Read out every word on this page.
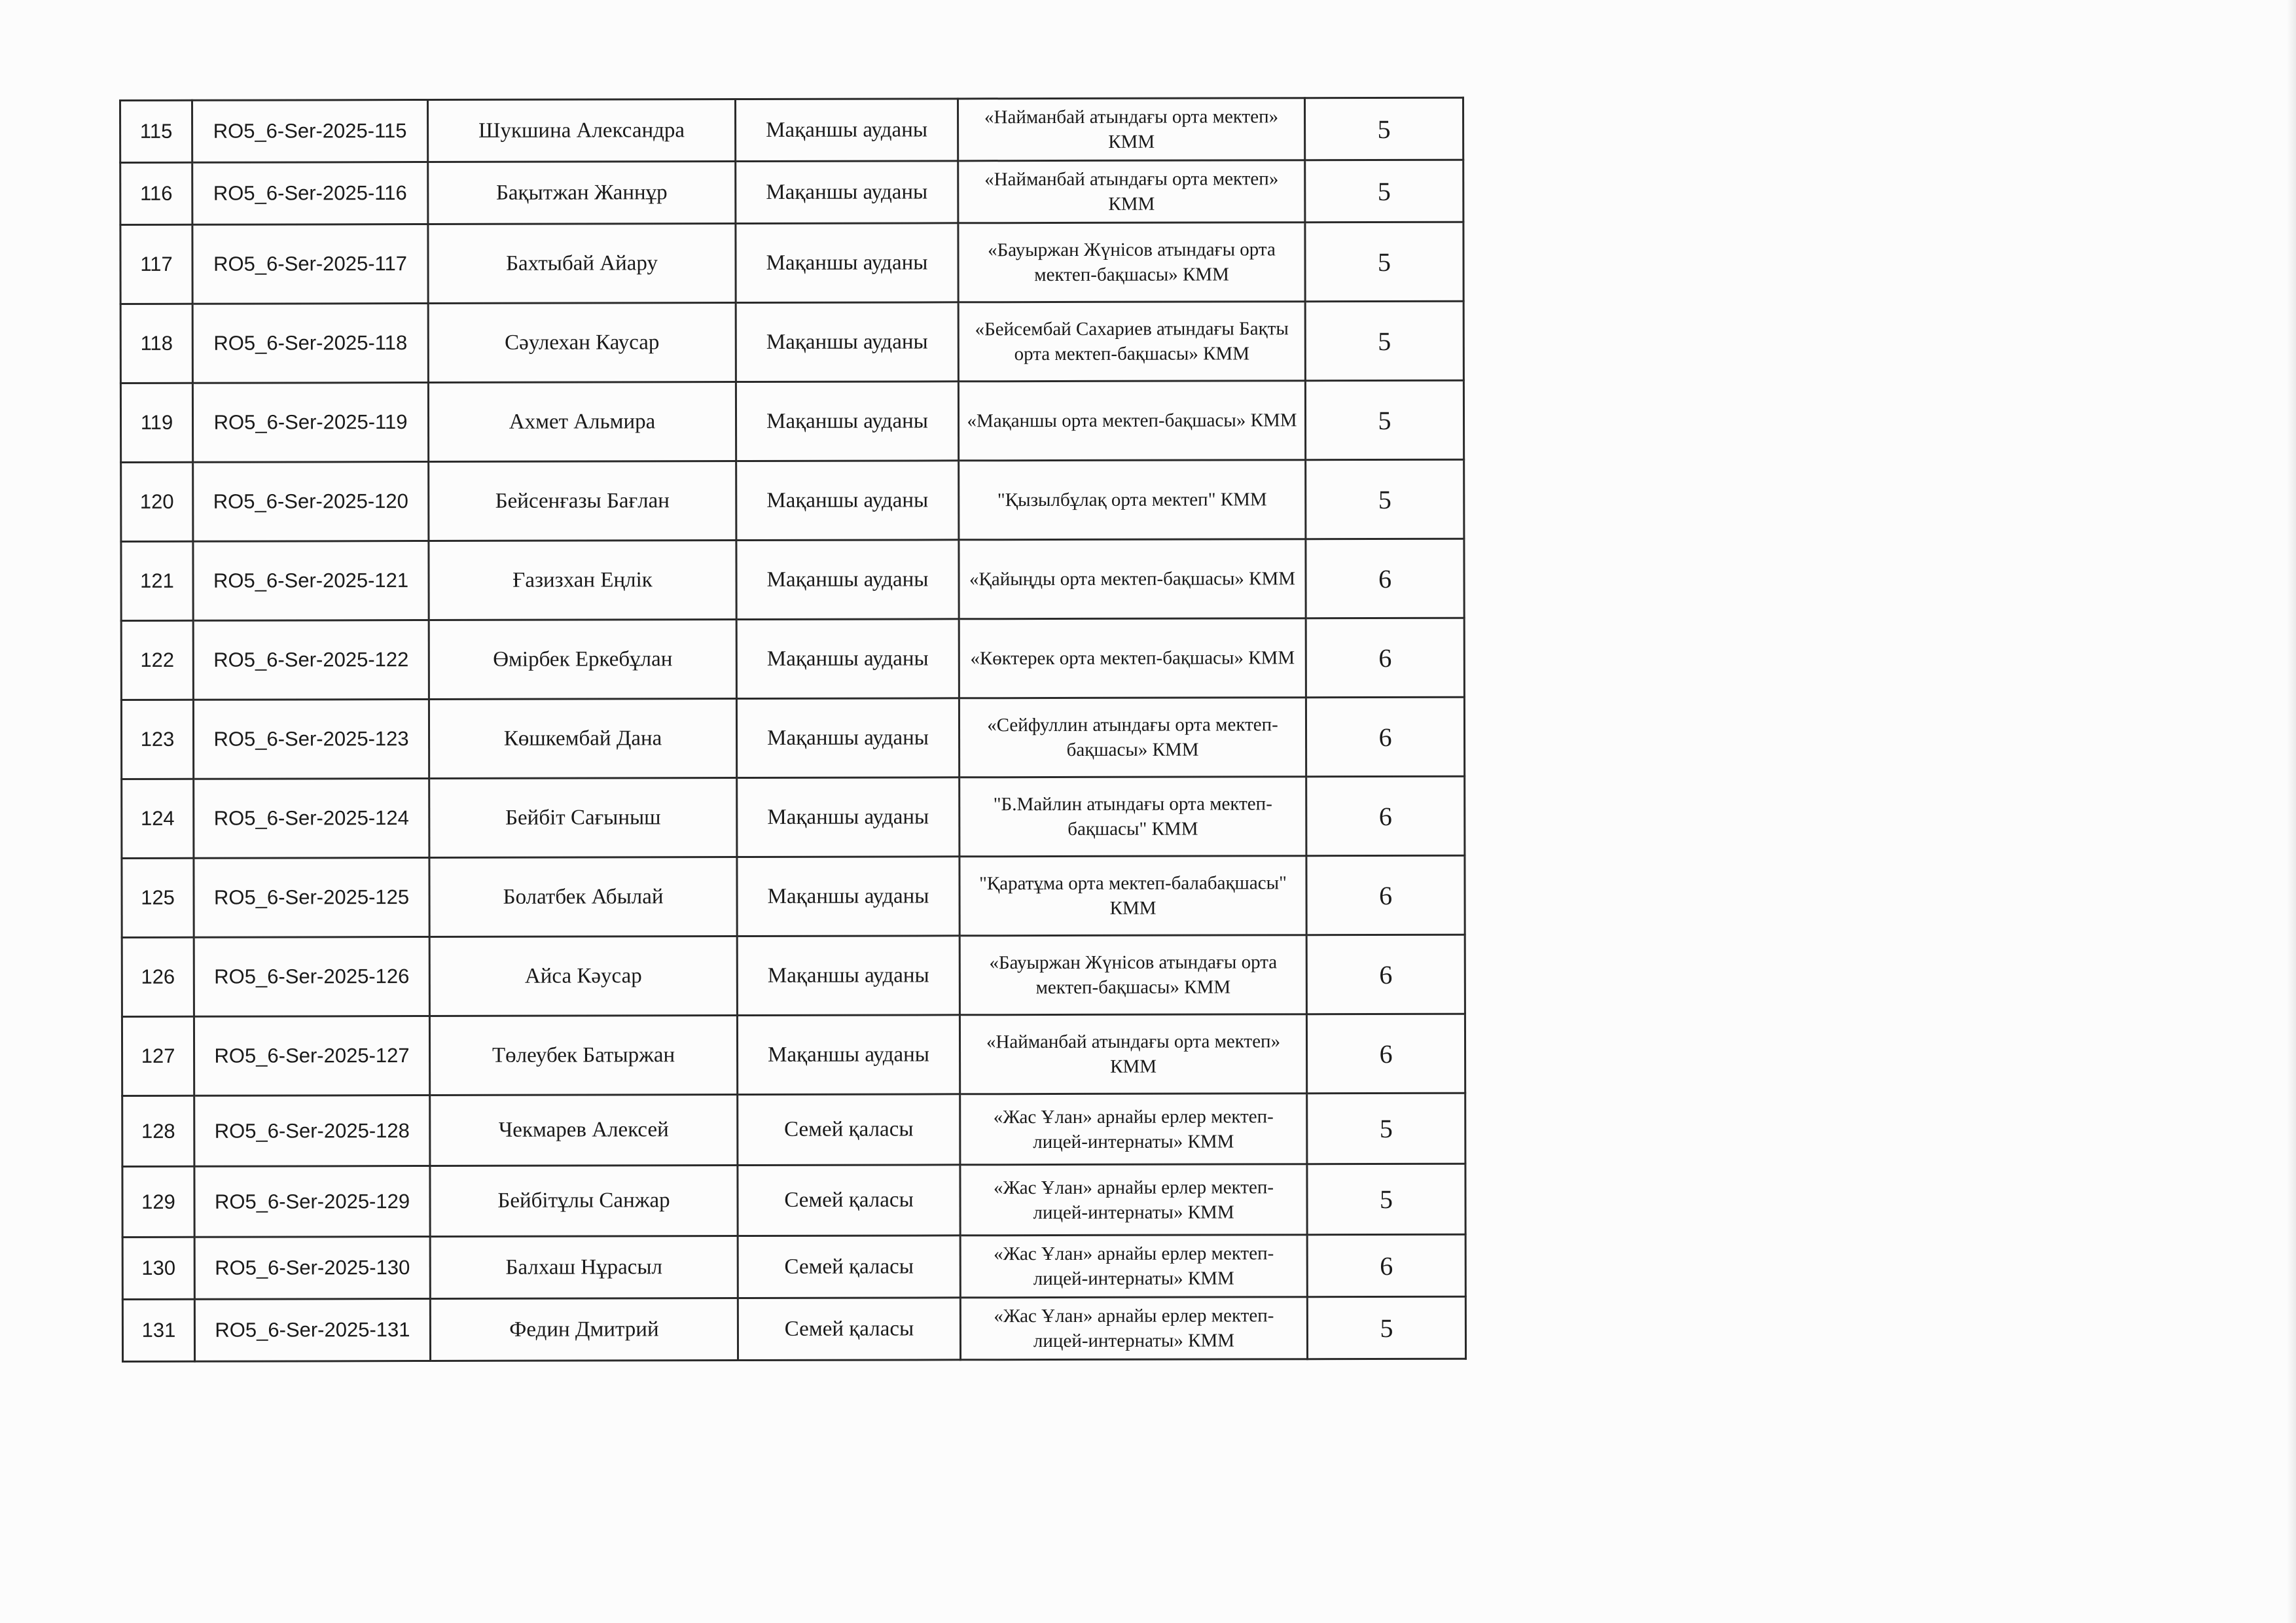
115	RO5_6-Ser-2025-115	Шукшина Александра	Мақаншы ауданы	«Найманбай атындағы орта мектеп» КММ	5
116	RO5_6-Ser-2025-116	Бақытжан Жаннұр	Мақаншы ауданы	«Найманбай атындағы орта мектеп» КММ	5
117	RO5_6-Ser-2025-117	Бахтыбай Айару	Мақаншы ауданы	«Бауыржан Жүнісов атындағы орта мектеп-бақшасы» КММ	5
118	RO5_6-Ser-2025-118	Сәулехан Каусар	Мақаншы ауданы	«Бейсембай Сахариев атындағы Бақты орта мектеп-бақшасы» КММ	5
119	RO5_6-Ser-2025-119	Ахмет Альмира	Мақаншы ауданы	«Мақаншы орта мектеп-бақшасы» КММ	5
120	RO5_6-Ser-2025-120	Бейсенғазы Бағлан	Мақаншы ауданы	"Қызылбұлақ орта мектеп" КММ	5
121	RO5_6-Ser-2025-121	Ғазизхан Еңлік	Мақаншы ауданы	«Қайыңды орта мектеп-бақшасы» КММ	6
122	RO5_6-Ser-2025-122	Өмірбек Еркебұлан	Мақаншы ауданы	«Көктерек орта мектеп-бақшасы» КММ	6
123	RO5_6-Ser-2025-123	Көшкембай Дана	Мақаншы ауданы	«Сейфуллин атындағы орта мектеп-бақшасы» КММ	6
124	RO5_6-Ser-2025-124	Бейбіт Сағыныш	Мақаншы ауданы	"Б.Майлин атындағы орта мектеп-бақшасы" КММ	6
125	RO5_6-Ser-2025-125	Болатбек Абылай	Мақаншы ауданы	"Қаратұма орта мектеп-балабақшасы" КММ	6
126	RO5_6-Ser-2025-126	Айса Кәусар	Мақаншы ауданы	«Бауыржан Жүнісов атындағы орта мектеп-бақшасы» КММ	6
127	RO5_6-Ser-2025-127	Төлеубек Батыржан	Мақаншы ауданы	«Найманбай атындағы орта мектеп» КММ	6
128	RO5_6-Ser-2025-128	Чекмарев Алексей	Семей қаласы	«Жас Ұлан» арнайы ерлер мектеп-лицей-интернаты» КММ	5
129	RO5_6-Ser-2025-129	Бейбітұлы Санжар	Семей қаласы	«Жас Ұлан» арнайы ерлер мектеп-лицей-интернаты» КММ	5
130	RO5_6-Ser-2025-130	Балхаш Нұрасыл	Семей қаласы	«Жас Ұлан» арнайы ерлер мектеп-лицей-интернаты» КММ	6
131	RO5_6-Ser-2025-131	Федин Дмитрий	Семей қаласы	«Жас Ұлан» арнайы ерлер мектеп-лицей-интернаты» КММ	5
